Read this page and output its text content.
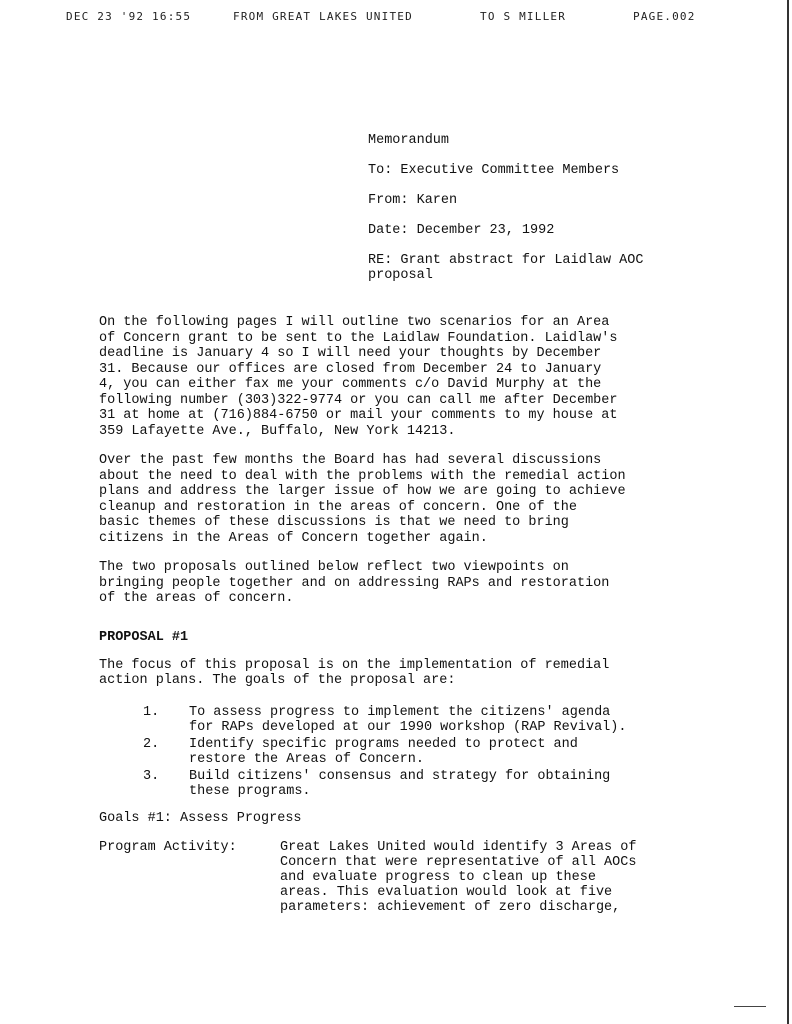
DEC 23 '92 16:55	FROM GREAT LAKES UNITED	TO S MILLER	PAGE.002

Memorandum

To: Executive Committee Members

From: Karen

Date: December 23, 1992

RE: Grant abstract for Laidlaw AOC
proposal

On the following pages I will outline two scenarios for an Area
of Concern grant to be sent to the Laidlaw Foundation. Laidlaw's
deadline is January 4 so I will need your thoughts by December
31. Because our offices are closed from December 24 to January
4, you can either fax me your comments c/o David Murphy at the
following number (303)322-9774 or you can call me after December
31 at home at (716)884-6750 or mail your comments to my house at
359 Lafayette Ave., Buffalo, New York 14213.

Over the past few months the Board has had several discussions
about the need to deal with the problems with the remedial action
plans and address the larger issue of how we are going to achieve
cleanup and restoration in the areas of concern. One of the
basic themes of these discussions is that we need to bring
citizens in the Areas of Concern together again.

The two proposals outlined below reflect two viewpoints on
bringing people together and on addressing RAPs and restoration
of the areas of concern.

PROPOSAL #1
The focus of this proposal is on the implementation of remedial
action plans. The goals of the proposal are:
1. To assess progress to implement the citizens' agenda
for RAPs developed at our 1990 workshop (RAP Revival).
2. Identify specific programs needed to protect and
restore the Areas of Concern.
3. Build citizens' consensus and strategy for obtaining
these programs.
Goals #1: Assess Progress
Program Activity:	Great Lakes United would identify 3 Areas of
Concern that were representative of all AOCs
and evaluate progress to clean up these
areas. This evaluation would look at five
parameters: achievement of zero discharge,
